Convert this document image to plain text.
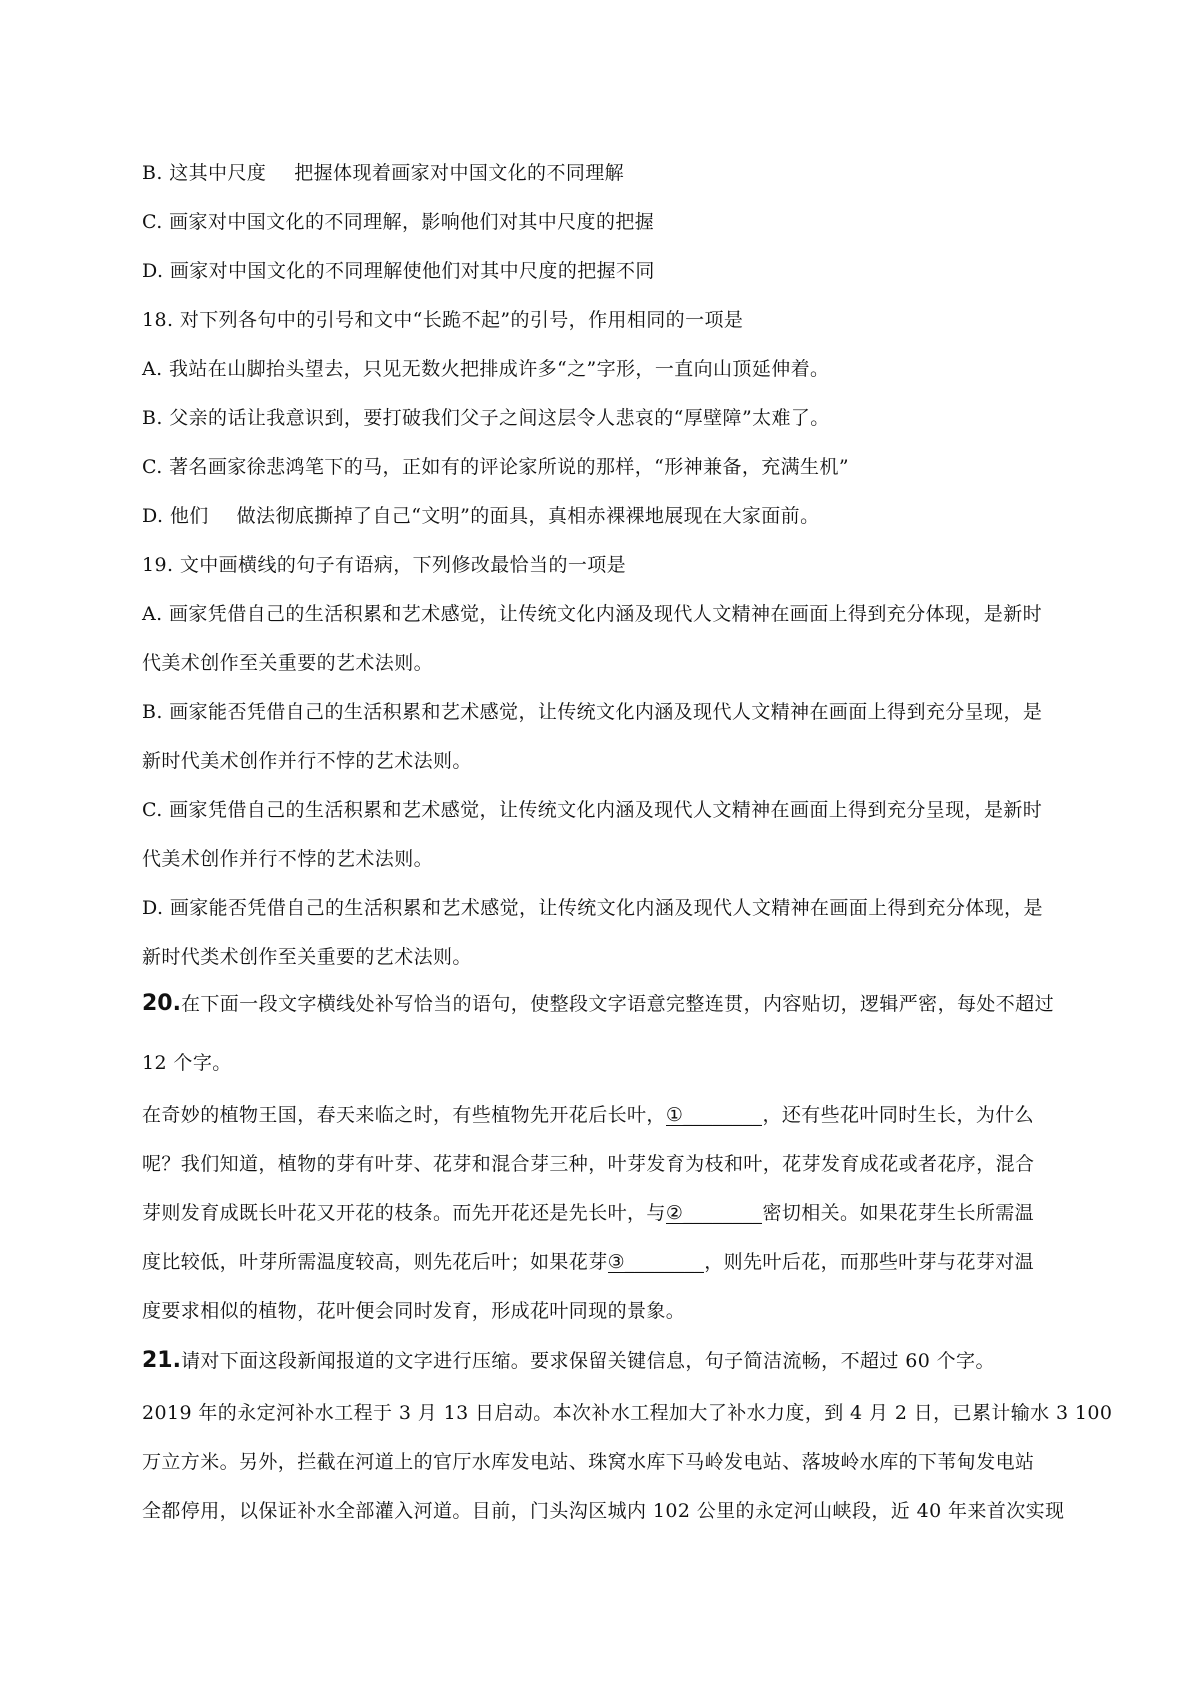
B. 这其中尺度 把握体现着画家对中国文化的不同理解
C. 画家对中国文化的不同理解，影响他们对其中尺度的把握
D. 画家对中国文化的不同理解使他们对其中尺度的把握不同
18. 对下列各句中的引号和文中“长跪不起”的引号，作用相同的一项是
A. 我站在山脚抬头望去，只见无数火把排成许多“之”字形，一直向山顶延伸着。
B. 父亲的话让我意识到，要打破我们父子之间这层令人悲哀的“厚壁障”太难了。
C. 著名画家徐悲鸿笔下的马，正如有的评论家所说的那样，“形神兼备，充满生机”
D. 他们 做法彻底撕掉了自己“文明”的面具，真相赤裸裸地展现在大家面前。
19. 文中画横线的句子有语病，下列修改最恰当的一项是
A. 画家凭借自己的生活积累和艺术感觉，让传统文化内涵及现代人文精神在画面上得到充分体现，是新时
代美术创作至关重要的艺术法则。
B. 画家能否凭借自己的生活积累和艺术感觉，让传统文化内涵及现代人文精神在画面上得到充分呈现，是
新时代美术创作并行不悖的艺术法则。
C. 画家凭借自己的生活积累和艺术感觉，让传统文化内涵及现代人文精神在画面上得到充分呈现，是新时
代美术创作并行不悖的艺术法则。
D. 画家能否凭借自己的生活积累和艺术感觉，让传统文化内涵及现代人文精神在画面上得到充分体现，是
新时代类术创作至关重要的艺术法则。
20.在下面一段文字横线处补写恰当的语句，使整段文字语意完整连贯，内容贴切，逻辑严密，每处不超过
12 个字。
在奇妙的植物王国，春天来临之时，有些植物先开花后长叶，①________，还有些花叶同时生长，为什么
呢？我们知道，植物的芽有叶芽、花芽和混合芽三种，叶芽发育为枝和叶，花芽发育成花或者花序，混合
芽则发育成既长叶花又开花的枝条。而先开花还是先长叶，与②________密切相关。如果花芽生长所需温
度比较低，叶芽所需温度较高，则先花后叶；如果花芽③________，则先叶后花，而那些叶芽与花芽对温
度要求相似的植物，花叶便会同时发育，形成花叶同现的景象。
21.请对下面这段新闻报道的文字进行压缩。要求保留关键信息，句子简洁流畅，不超过 60 个字。
2019 年的永定河补水工程于 3 月 13 日启动。本次补水工程加大了补水力度，到 4 月 2 日，已累计输水 3 100
万立方米。另外，拦截在河道上的官厅水库发电站、珠窝水库下马岭发电站、落坡岭水库的下苇甸发电站
全都停用，以保证补水全部灌入河道。目前，门头沟区城内 102 公里的永定河山峡段，近 40 年来首次实现
